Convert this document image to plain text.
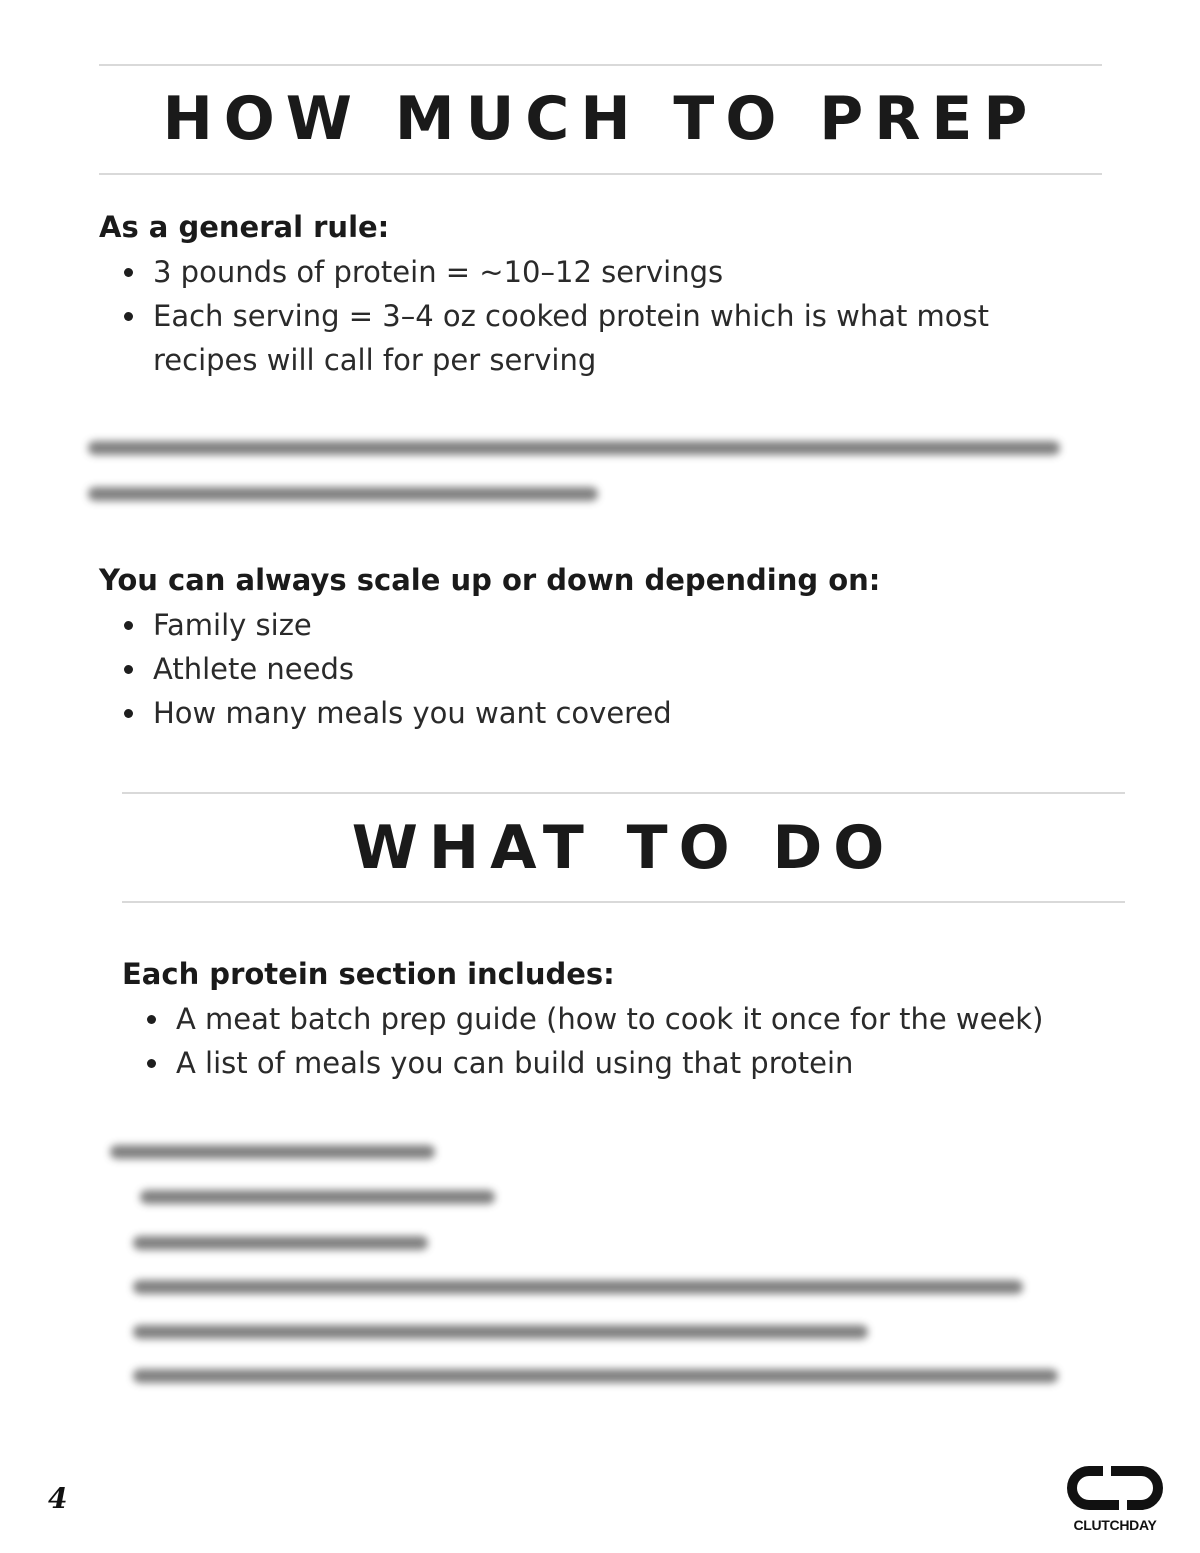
HOW MUCH TO PREP

As a general rule:

3 pounds of protein = ~10–12 servings
Each serving = 3–4 oz cooked protein which is what most recipes will call for per serving

You can always scale up or down depending on:

Family size
Athlete needs
How many meals you want covered
WHAT TO DO

Each protein section includes:

A meat batch prep guide (how to cook it once for the week)
A list of meals you can build using that protein
4
CLUTCHDAY
